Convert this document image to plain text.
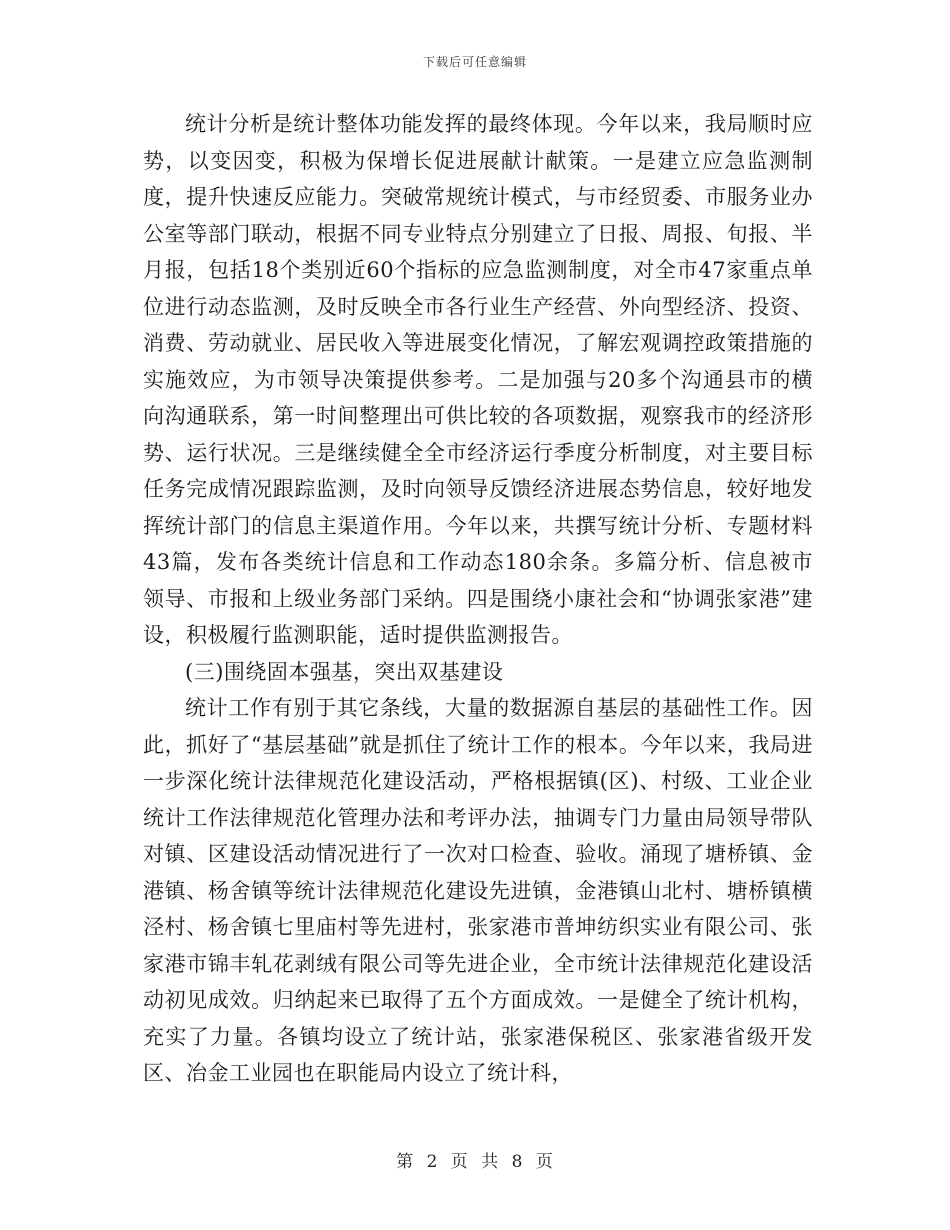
下载后可任意编辑

统计分析是统计整体功能发挥的最终体现。今年以来，我局顺时应势，以变因变，积极为保增长促进展献计献策。一是建立应急监测制度，提升快速反应能力。突破常规统计模式，与市经贸委、市服务业办公室等部门联动，根据不同专业特点分别建立了日报、周报、旬报、半月报，包括18个类别近60个指标的应急监测制度，对全市47家重点单位进行动态监测，及时反映全市各行业生产经营、外向型经济、投资、消费、劳动就业、居民收入等进展变化情况，了解宏观调控政策措施的实施效应，为市领导决策提供参考。二是加强与20多个沟通县市的横向沟通联系，第一时间整理出可供比较的各项数据，观察我市的经济形势、运行状况。三是继续健全全市经济运行季度分析制度，对主要目标任务完成情况跟踪监测，及时向领导反馈经济进展态势信息，较好地发挥统计部门的信息主渠道作用。今年以来，共撰写统计分析、专题材料43篇，发布各类统计信息和工作动态180余条。多篇分析、信息被市领导、市报和上级业务部门采纳。四是围绕小康社会和“协调张家港”建设，积极履行监测职能，适时提供监测报告。

(三)围绕固本强基，突出双基建设

统计工作有别于其它条线，大量的数据源自基层的基础性工作。因此，抓好了“基层基础”就是抓住了统计工作的根本。今年以来，我局进一步深化统计法律规范化建设活动，严格根据镇(区)、村级、工业企业统计工作法律规范化管理办法和考评办法，抽调专门力量由局领导带队对镇、区建设活动情况进行了一次对口检查、验收。涌现了塘桥镇、金港镇、杨舍镇等统计法律规范化建设先进镇，金港镇山北村、塘桥镇横泾村、杨舍镇七里庙村等先进村，张家港市普坤纺织实业有限公司、张家港市锦丰轧花剥绒有限公司等先进企业，全市统计法律规范化建设活动初见成效。归纳起来已取得了五个方面成效。一是健全了统计机构，充实了力量。各镇均设立了统计站，张家港保税区、张家港省级开发区、冶金工业园也在职能局内设立了统计科，

第 2 页 共 8 页
